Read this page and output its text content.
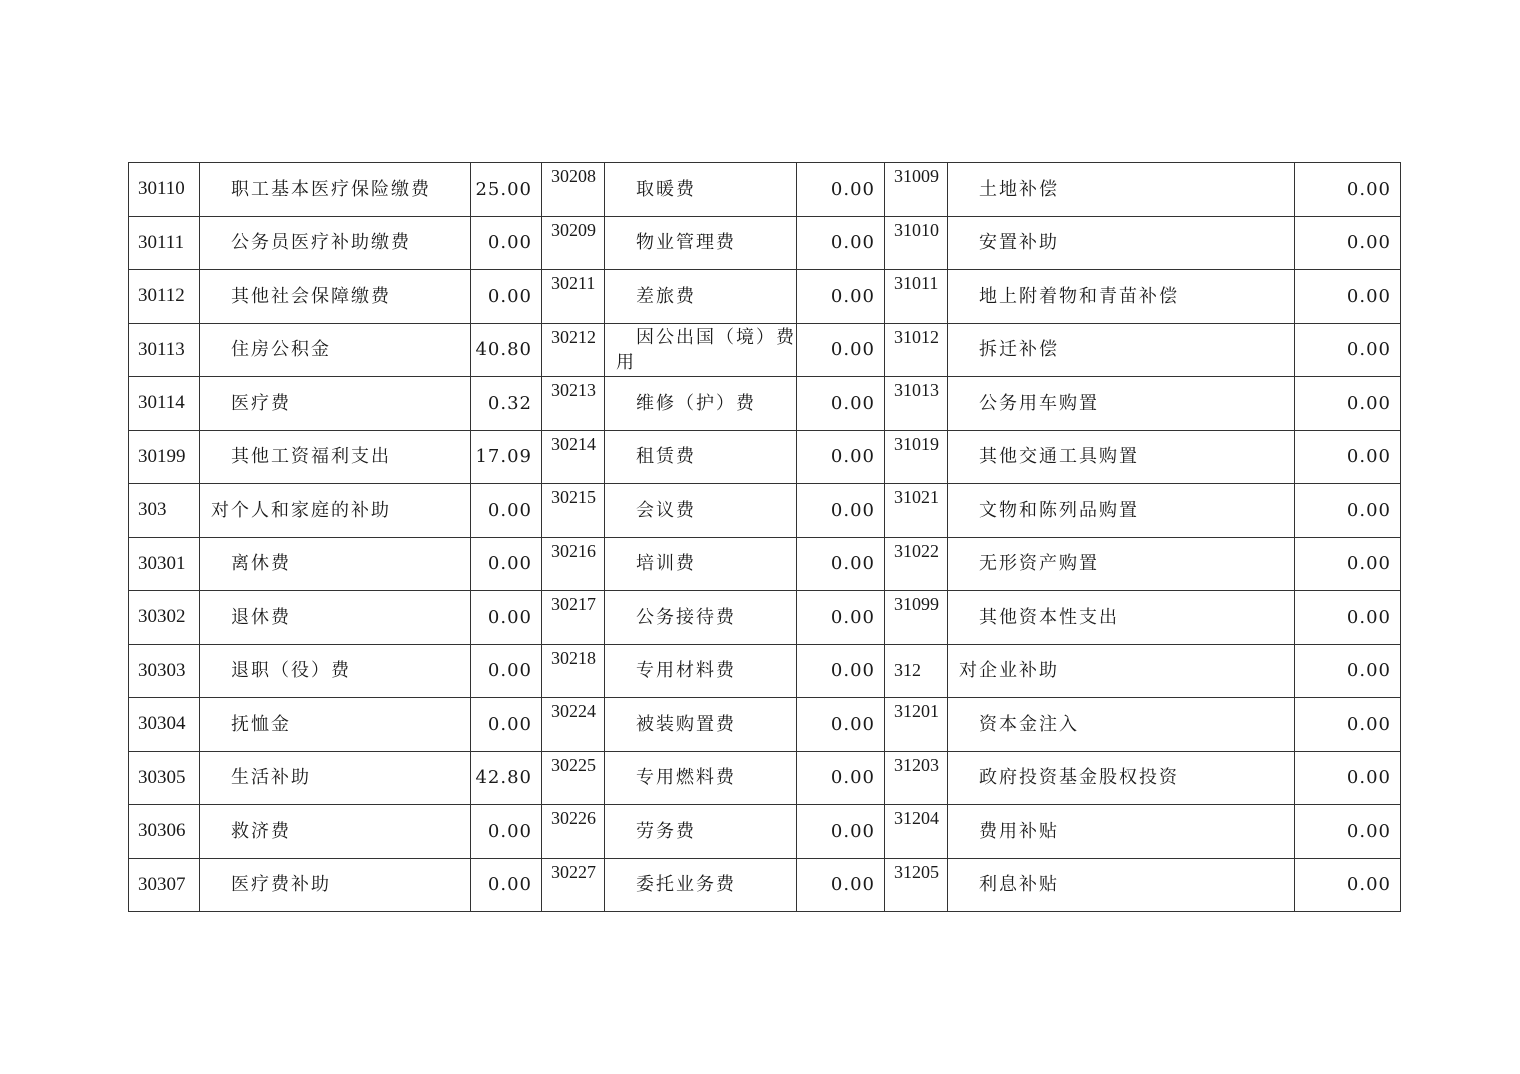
30110	职工基本医疗保险缴费	25.00	30208	取暖费	0.00	31009	土地补偿	0.00
30111	公务员医疗补助缴费	0.00	30209	物业管理费	0.00	31010	安置补助	0.00
30112	其他社会保障缴费	0.00	30211	差旅费	0.00	31011	地上附着物和青苗补偿	0.00
30113	住房公积金	40.80	30212	因公出国（境）费用	0.00	31012	拆迁补偿	0.00
30114	医疗费	0.32	30213	维修（护）费	0.00	31013	公务用车购置	0.00
30199	其他工资福利支出	17.09	30214	租赁费	0.00	31019	其他交通工具购置	0.00
303	对个人和家庭的补助	0.00	30215	会议费	0.00	31021	文物和陈列品购置	0.00
30301	离休费	0.00	30216	培训费	0.00	31022	无形资产购置	0.00
30302	退休费	0.00	30217	公务接待费	0.00	31099	其他资本性支出	0.00
30303	退职（役）费	0.00	30218	专用材料费	0.00	312	对企业补助	0.00
30304	抚恤金	0.00	30224	被装购置费	0.00	31201	资本金注入	0.00
30305	生活补助	42.80	30225	专用燃料费	0.00	31203	政府投资基金股权投资	0.00
30306	救济费	0.00	30226	劳务费	0.00	31204	费用补贴	0.00
30307	医疗费补助	0.00	30227	委托业务费	0.00	31205	利息补贴	0.00
